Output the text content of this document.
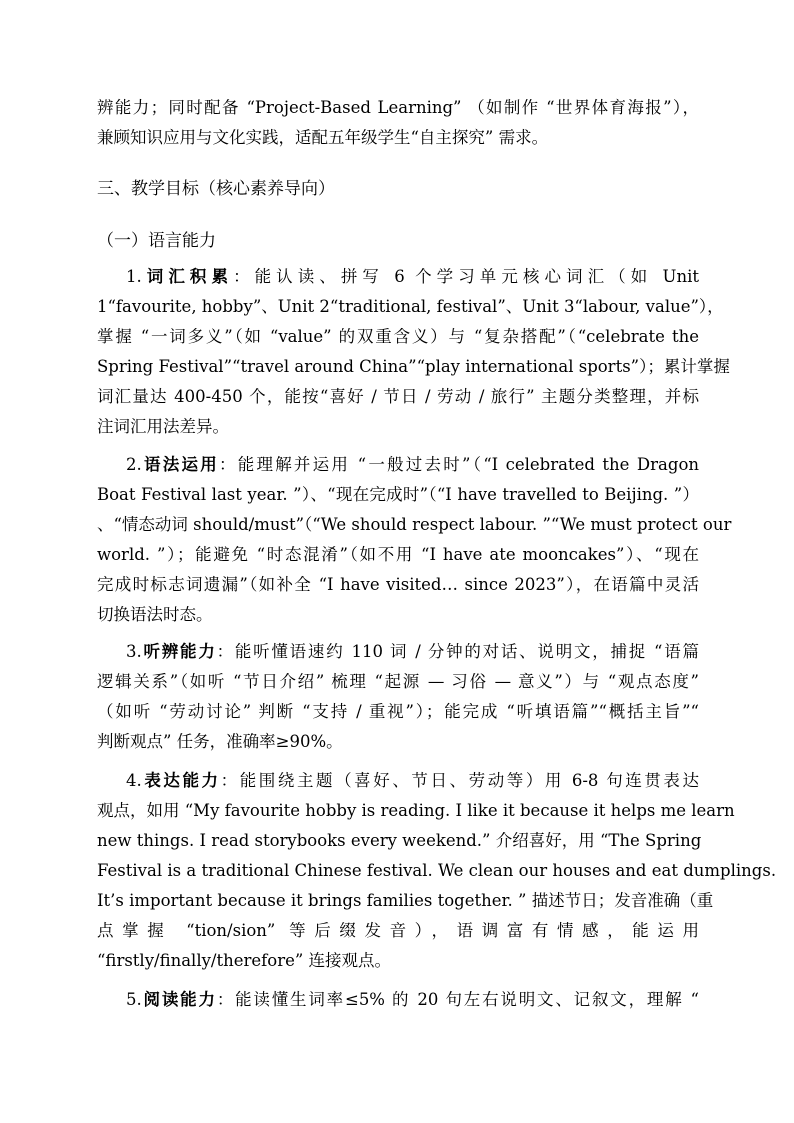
辨能力；同时配备 “Project-Based Learning” （如制作 “世界体育海报”），
兼顾知识应用与文化实践，适配五年级学生“自主探究” 需求。
三、教学目标（核心素养导向）
（一）语言能力
1.词汇积累：能认读、拼写 6 个学习单元核心词汇（如 Unit
1“favourite, hobby”、Unit 2“traditional, festival”、Unit 3“labour, value”），
掌握 “一词多义”（如 “value” 的双重含义）与 “复杂搭配”（“celebrate the
Spring Festival”“travel around China”“play international sports”）；累计掌握
词汇量达 400-450 个，能按“喜好 / 节日 / 劳动 / 旅行” 主题分类整理，并标
注词汇用法差异。
2.语法运用：能理解并运用 “一般过去时”（“I celebrated the Dragon
Boat Festival last year. ”）、“现在完成时”（“I have travelled to Beijing. ”）
、“情态动词 should/must”（“We should respect labour. ”“We must protect our
world. ”）；能避免 “时态混淆”（如不用 “I have ate mooncakes”）、“现在
完成时标志词遗漏”（如补全 “I have visited… since 2023”），在语篇中灵活
切换语法时态。
3.听辨能力：能听懂语速约 110 词 / 分钟的对话、说明文，捕捉 “语篇
逻辑关系”（如听 “节日介绍” 梳理 “起源 — 习俗 — 意义”）与 “观点态度”
（如听 “劳动讨论” 判断 “支持 / 重视”）；能完成 “听填语篇”“概括主旨”“
判断观点” 任务，准确率≥90%。
4.表达能力：能围绕主题（喜好、节日、劳动等）用 6-8 句连贯表达
观点，如用 “My favourite hobby is reading. I like it because it helps me learn
new things. I read storybooks every weekend.” 介绍喜好，用 “The Spring
Festival is a traditional Chinese festival. We clean our houses and eat dumplings.
It’s important because it brings families together. ” 描述节日；发音准确（重
点掌握 “tion/sion” 等后缀发音），语调富有情感，能运用
“firstly/finally/therefore” 连接观点。
5.阅读能力：能读懂生词率≤5% 的 20 句左右说明文、记叙文，理解 “
